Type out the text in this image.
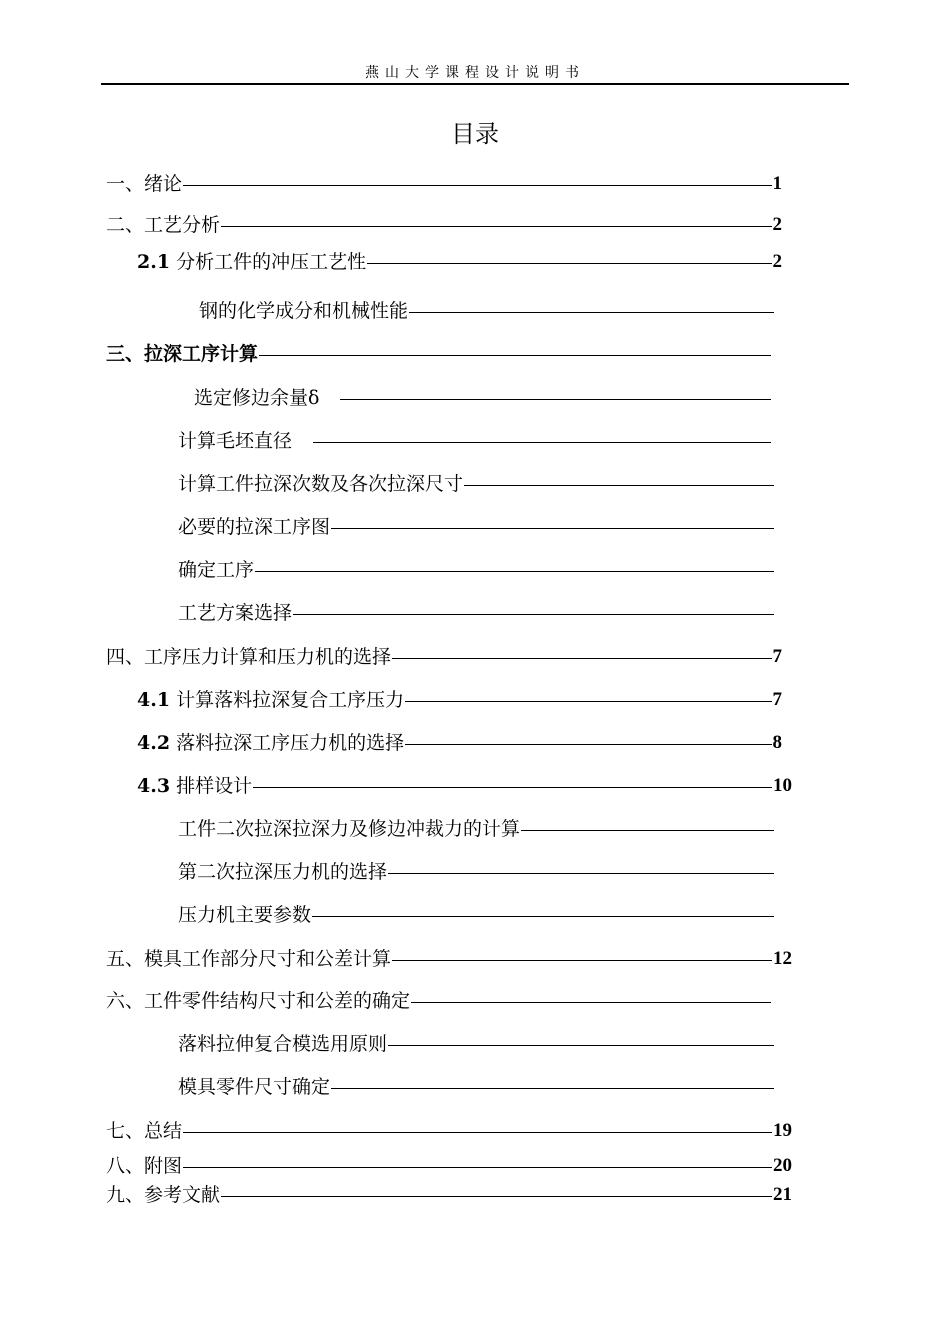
燕山大学课程设计说明书
目录
一、绪论	1
二、工艺分析	2
2.1 分析工件的冲压工艺性	2
钢的化学成分和机械性能
三、拉深工序计算
选定修边余量δ
计算毛坯直径
计算工件拉深次数及各次拉深尺寸
必要的拉深工序图
确定工序
工艺方案选择
四、工序压力计算和压力机的选择	7
4.1 计算落料拉深复合工序压力	7
4.2 落料拉深工序压力机的选择	8
4.3 排样设计	10
工件二次拉深拉深力及修边冲裁力的计算
第二次拉深压力机的选择
压力机主要参数
五、模具工作部分尺寸和公差计算	12
六、工件零件结构尺寸和公差的确定
落料拉伸复合模选用原则
模具零件尺寸确定
七、总结	19
八、附图	20
九、参考文献	21
